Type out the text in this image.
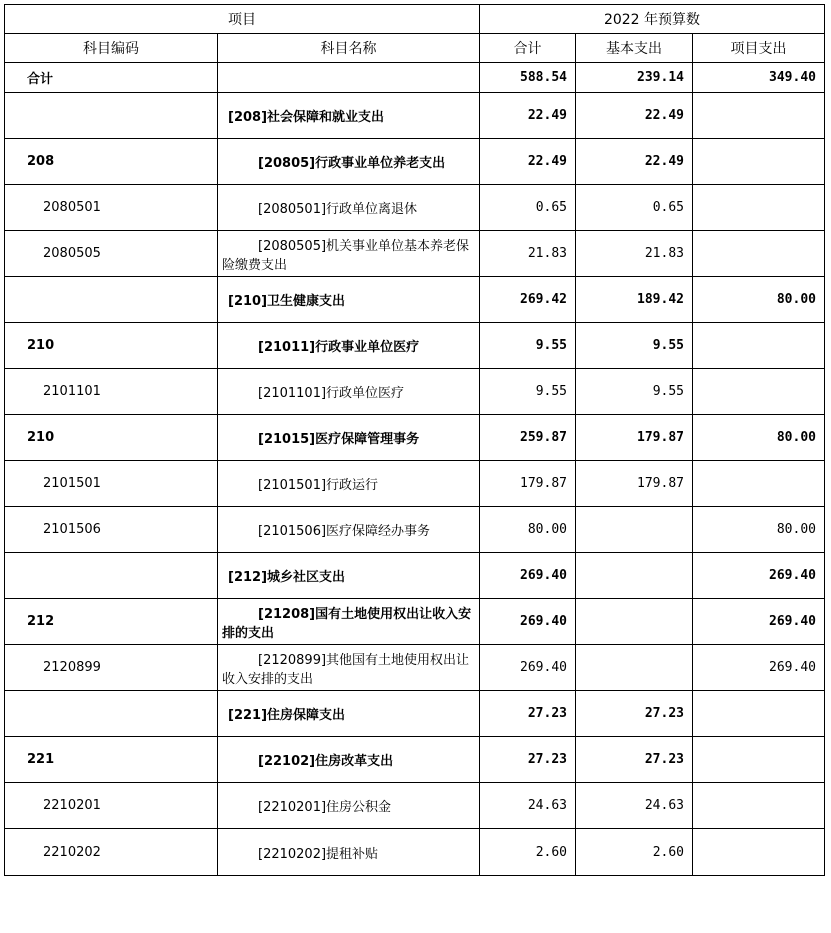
项目		2022 年预算数		
科目编码	科目名称	合计	基本支出	项目支出
合计		588.54	239.14	349.40
	[208]社会保障和就业支出	22.49	22.49	
208	[20805]行政事业单位养老支出	22.49	22.49	
2080501	[2080501]行政单位离退休	0.65	0.65	
2080505	[2080505]机关事业单位基本养老保险缴费支出	21.83	21.83	
	[210]卫生健康支出	269.42	189.42	80.00
210	[21011]行政事业单位医疗	9.55	9.55	
2101101	[2101101]行政单位医疗	9.55	9.55	
210	[21015]医疗保障管理事务	259.87	179.87	80.00
2101501	[2101501]行政运行	179.87	179.87	
2101506	[2101506]医疗保障经办事务	80.00		80.00
	[212]城乡社区支出	269.40		269.40
212	[21208]国有土地使用权出让收入安排的支出	269.40		269.40
2120899	[2120899]其他国有土地使用权出让收入安排的支出	269.40		269.40
	[221]住房保障支出	27.23	27.23	
221	[22102]住房改革支出	27.23	27.23	
2210201	[2210201]住房公积金	24.63	24.63	
2210202	[2210202]提租补贴	2.60	2.60	
